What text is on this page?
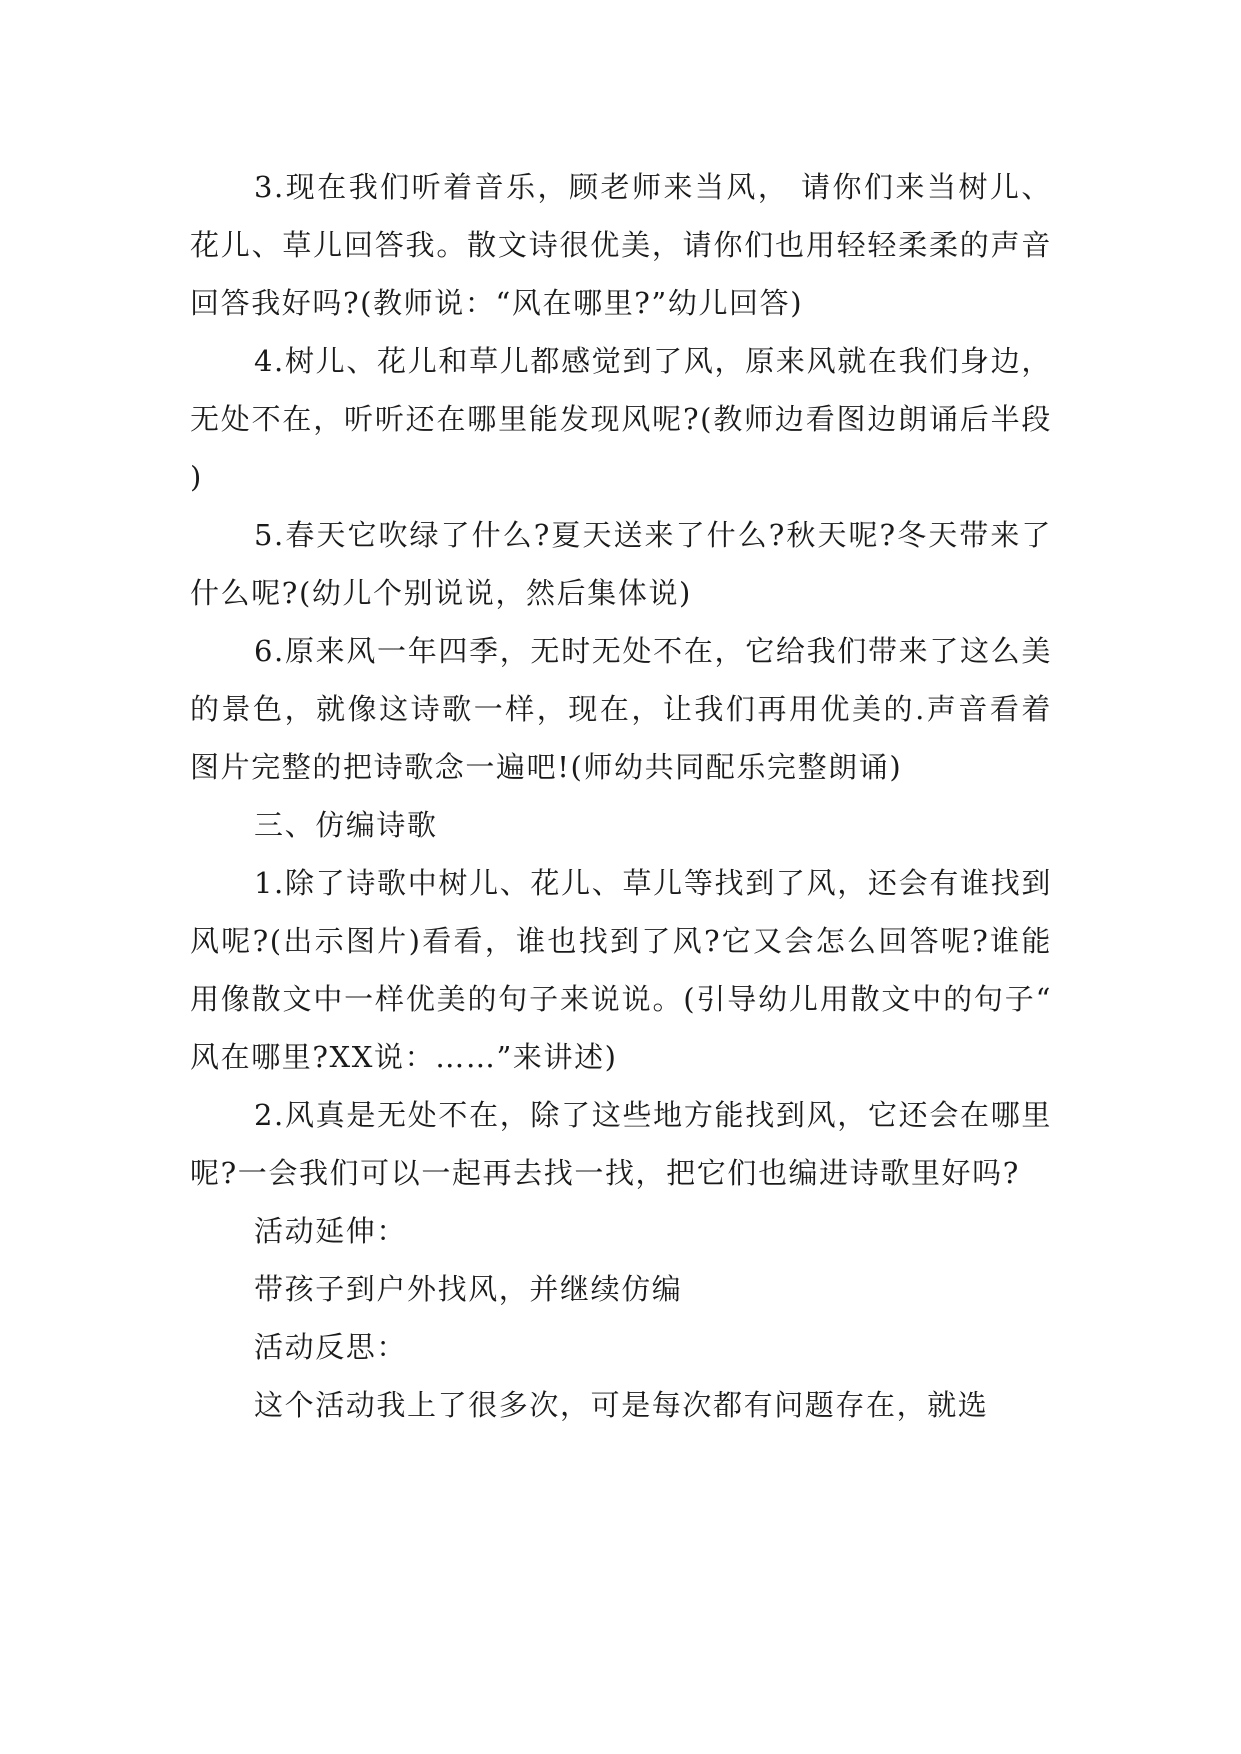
3.现在我们听着音乐，顾老师来当风， 请你们来当树儿、花儿、草儿回答我。散文诗很优美，请你们也用轻轻柔柔的声音回答我好吗?(教师说：“风在哪里?”幼儿回答)

4.树儿、花儿和草儿都感觉到了风，原来风就在我们身边，无处不在，听听还在哪里能发现风呢?(教师边看图边朗诵后半段)

5.春天它吹绿了什么?夏天送来了什么?秋天呢?冬天带来了什么呢?(幼儿个别说说，然后集体说)

6.原来风一年四季，无时无处不在，它给我们带来了这么美的景色，就像这诗歌一样，现在，让我们再用优美的.声音看着图片完整的把诗歌念一遍吧!(师幼共同配乐完整朗诵)

三、仿编诗歌

1.除了诗歌中树儿、花儿、草儿等找到了风，还会有谁找到风呢?(出示图片)看看，谁也找到了风?它又会怎么回答呢?谁能用像散文中一样优美的句子来说说。(引导幼儿用散文中的句子“风在哪里?XX说：……”来讲述)

2.风真是无处不在，除了这些地方能找到风，它还会在哪里呢?一会我们可以一起再去找一找，把它们也编进诗歌里好吗?

活动延伸：

带孩子到户外找风，并继续仿编

活动反思：

这个活动我上了很多次，可是每次都有问题存在，就选
